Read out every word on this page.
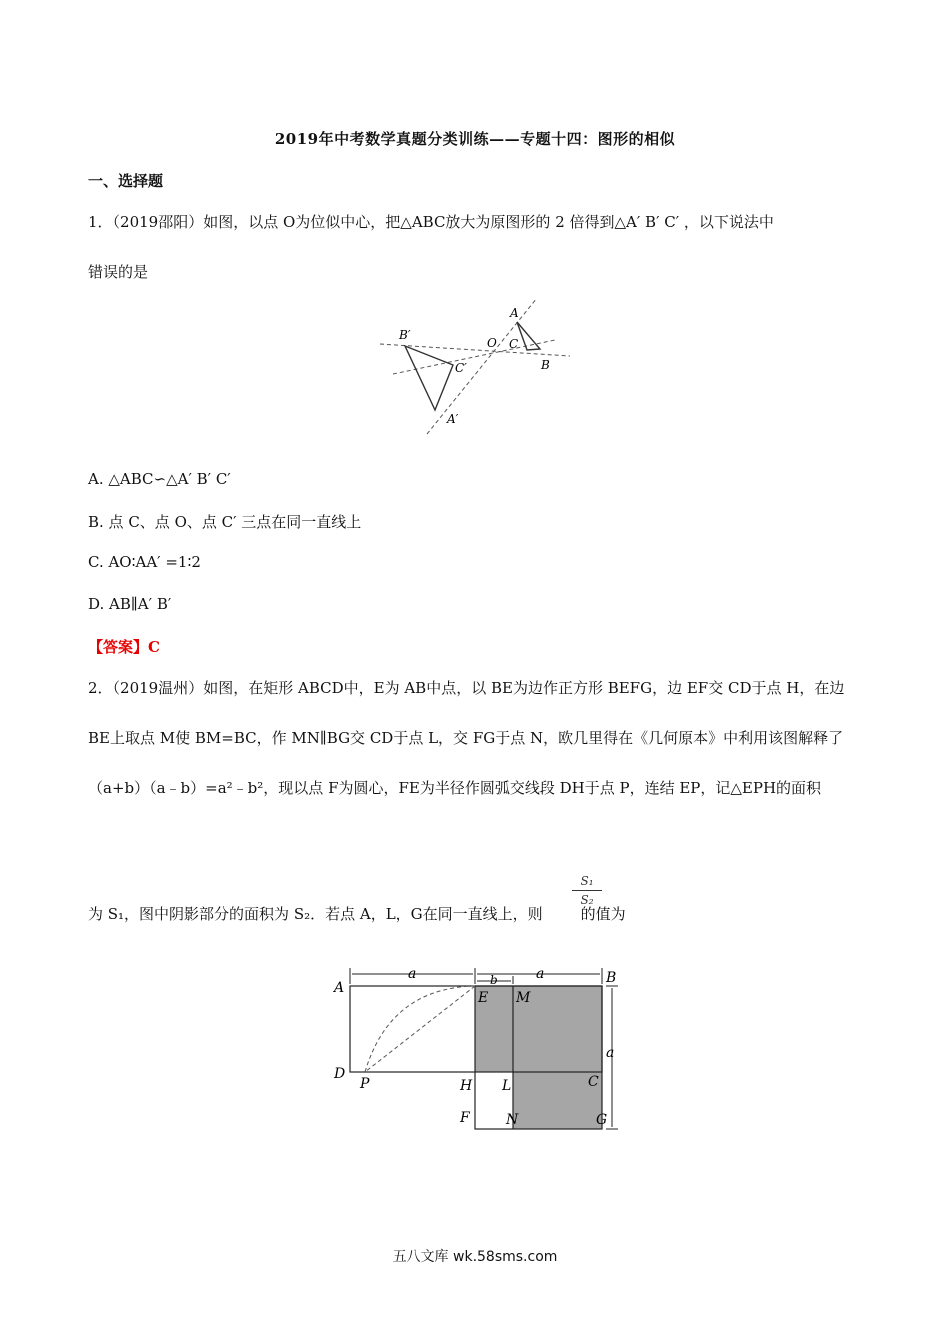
2019年中考数学真题分类训练——专题十四：图形的相似
一、选择题
1．（2019邵阳）如图，以点 O为位似中心，把△ABC放大为原图形的 2 倍得到△A′ B′ C′ ，以下说法中
错误的是
B′
C′
A′
O
A
C
B
A. △ABC∽△A′ B′ C′
B. 点 C、点 O、点 C′ 三点在同一直线上
C. AO∶AA′ =1∶2
D. AB∥A′ B′
【答案】C
2．（2019温州）如图，在矩形 ABCD中，E为 AB中点，以 BE为边作正方形 BEFG，边 EF交 CD于点 H，在边
BE上取点 M使 BM=BC，作 MN∥BG交 CD于点 L，交 FG于点 N，欧几里得在《几何原本》中利用该图解释了
（a+b）（a﹣b）=a²﹣b²，现以点 F为圆心，FE为半径作圆弧交线段 DH于点 P，连结 EP，记△EPH的面积
为 S₁，图中阴影部分的面积为 S₂．若点 A，L，G在同一直线上，则	的值为
S₁
S₂
a	b	a
a
A
B
E M
D
P	H L	C
F	N	G
五八文库 wk.58sms.com
